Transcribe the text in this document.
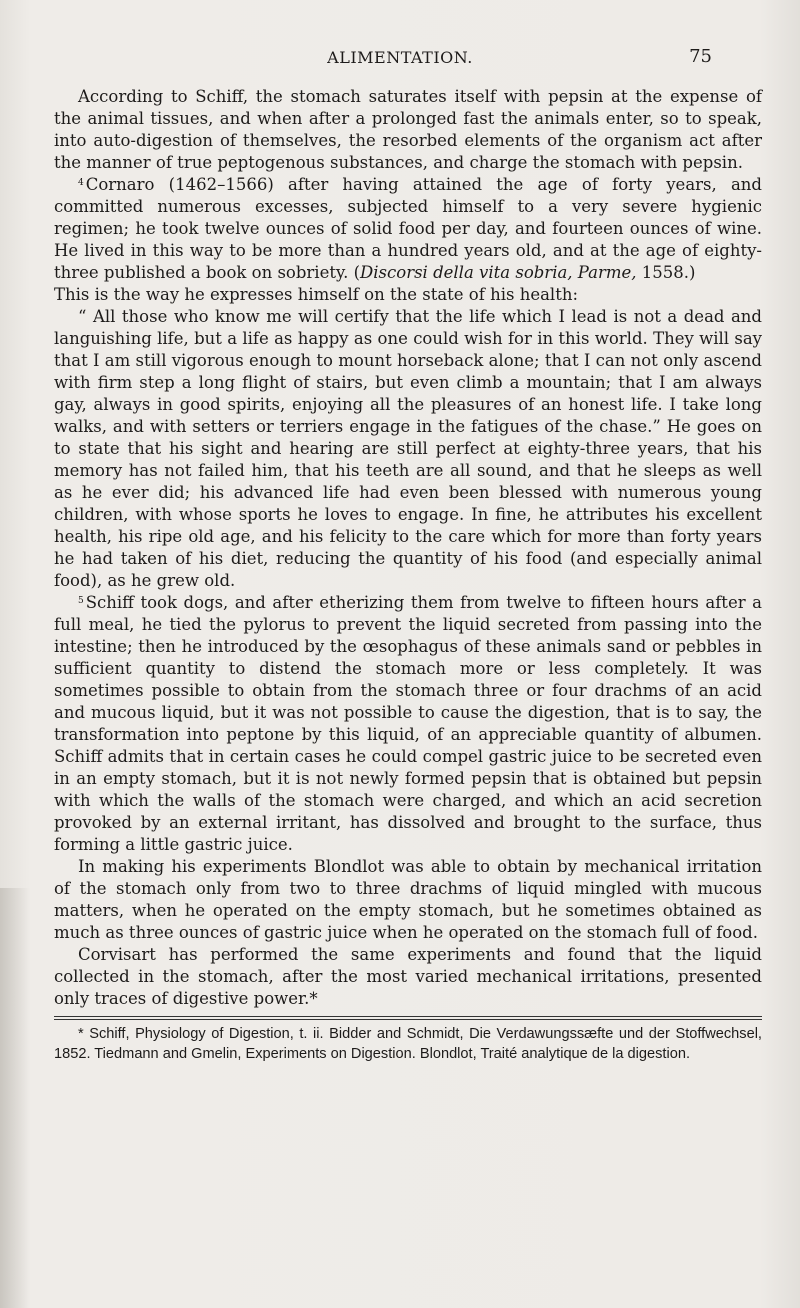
ALIMENTATION.	75

According to Schiff, the stomach saturates itself with pepsin at the expense of the animal tissues, and when after a prolonged fast the animals enter, so to speak, into auto-digestion of themselves, the resorbed elements of the organism act after the manner of true peptogenous substances, and charge the stomach with pepsin.

$^4$ Cornaro (1462–1566) after having attained the age of forty years, and committed numerous excesses, subjected himself to a very severe hygienic regimen; he took twelve ounces of solid food per day, and fourteen ounces of wine. He lived in this way to be more than a hundred years old, and at the age of eighty-three published a book on sobriety. (Discorsi della vita sobria, Parme, 1558.)

This is the way he expresses himself on the state of his health:

“ All those who know me will certify that the life which I lead is not a dead and languishing life, but a life as happy as one could wish for in this world. They will say that I am still vigorous enough to mount horseback alone; that I can not only ascend with firm step a long flight of stairs, but even climb a mountain; that I am always gay, always in good spirits, enjoying all the pleasures of an honest life. I take long walks, and with setters or terriers engage in the fatigues of the chase.” He goes on to state that his sight and hearing are still perfect at eighty-three years, that his memory has not failed him, that his teeth are all sound, and that he sleeps as well as he ever did; his advanced life had even been blessed with numerous young children, with whose sports he loves to engage. In fine, he attributes his excellent health, his ripe old age, and his felicity to the care which for more than forty years he had taken of his diet, reducing the quantity of his food (and especially animal food), as he grew old.

$^5$ Schiff took dogs, and after etherizing them from twelve to fifteen hours after a full meal, he tied the pylorus to prevent the liquid secreted from passing into the intestine; then he introduced by the œsophagus of these animals sand or pebbles in sufficient quantity to distend the stomach more or less completely. It was sometimes possible to obtain from the stomach three or four drachms of an acid and mucous liquid, but it was not possible to cause the digestion, that is to say, the transformation into peptone by this liquid, of an appreciable quantity of albumen. Schiff admits that in certain cases he could compel gastric juice to be secreted even in an empty stomach, but it is not newly formed pepsin that is obtained but pepsin with which the walls of the stomach were charged, and which an acid secretion provoked by an external irritant, has dissolved and brought to the surface, thus forming a little gastric juice.

In making his experiments Blondlot was able to obtain by mechanical irritation of the stomach only from two to three drachms of liquid mingled with mucous matters, when he operated on the empty stomach, but he sometimes obtained as much as three ounces of gastric juice when he operated on the stomach full of food.

Corvisart has performed the same experiments and found that the liquid collected in the stomach, after the most varied mechanical irritations, presented only traces of digestive power.*

* Schiff, Physiology of Digestion, t. ii. Bidder and Schmidt, Die Verdawungssæfte und der Stoffwechsel, 1852. Tiedmann and Gmelin, Experiments on Digestion. Blondlot, Traité analytique de la digestion.
